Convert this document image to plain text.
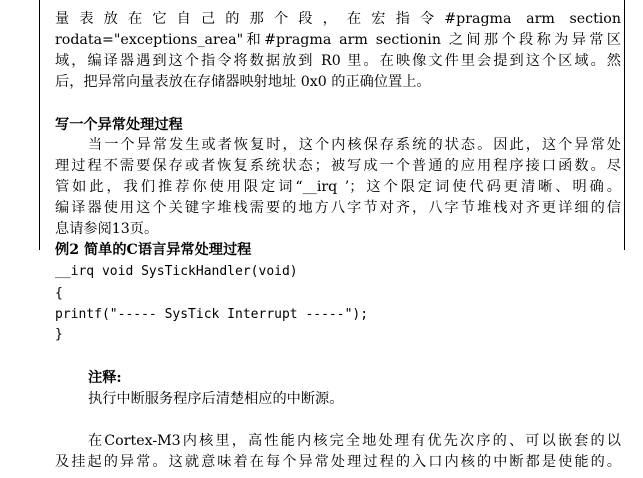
量表放在它自己的那个段，在宏指令#pragma arm section
rodata="exceptions_area"和#pragma arm sectionin 之间那个段称为异常区
域，编译器遇到这个指令将数据放到 R0 里。在映像文件里会提到这个区域。然
后，把异常向量表放在存储器映射地址 0x0 的正确位置上。
写一个异常处理过程
当一个异常发生或者恢复时，这个内核保存系统的状态。因此，这个异常处
理过程不需要保存或者恢复系统状态；被写成一个普通的应用程序接口函数。尽
管如此，我们推荐你使用限定词“__irq ’；这个限定词使代码更清晰、明确。
编译器使用这个关键字堆栈需要的地方八字节对齐，八字节堆栈对齐更详细的信
息请参阅13页。
例2 简单的C语言异常处理过程
__irq void SysTickHandler(void)
{
printf("----- SysTick Interrupt -----");
}
注释:
执行中断服务程序后清楚相应的中断源。
在Cortex-M3内核里，高性能内核完全地处理有优先次序的、可以嵌套的以
及挂起的异常。这就意味着在每个异常处理过程的入口内核的中断都是使能的。
